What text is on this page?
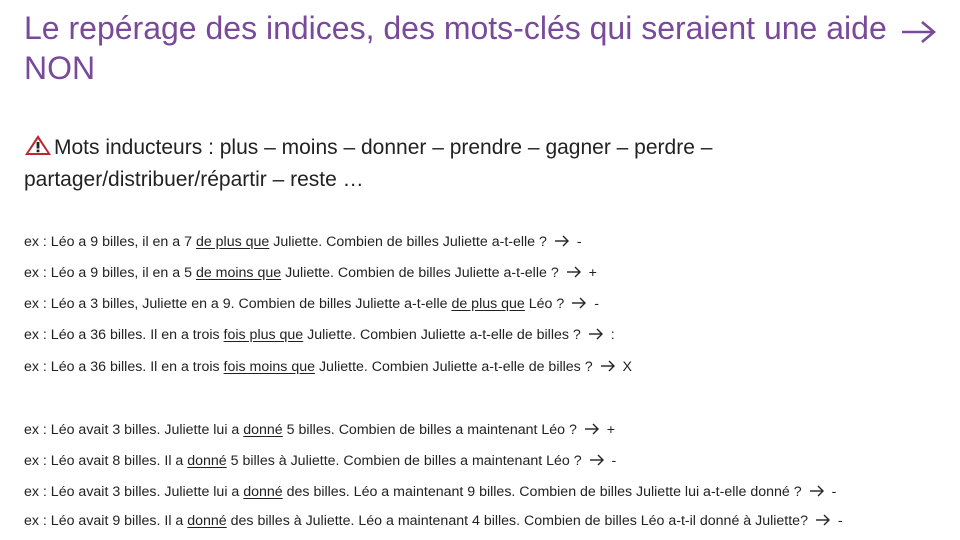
Le repérage des indices, des mots-clés qui seraient une aide  NON
Mots inducteurs : plus – moins – donner – prendre – gagner – perdre – partager/distribuer/répartir – reste …
ex : Léo a 9 billes, il en a 7 de plus que Juliette. Combien de billes Juliette a-t-elle ? -
ex : Léo a 9 billes, il en a 5 de moins que Juliette. Combien de billes Juliette a-t-elle ? +
ex : Léo a 3 billes, Juliette en a 9. Combien de billes Juliette a-t-elle de plus que Léo ? -
ex : Léo a 36 billes. Il en a trois fois plus que Juliette. Combien Juliette a-t-elle de billes ? :
ex : Léo a 36 billes. Il en a trois fois moins que Juliette. Combien Juliette a-t-elle de billes ? X
ex : Léo avait 3 billes. Juliette lui a donné 5 billes. Combien de billes a maintenant Léo ? +
ex : Léo avait 8 billes. Il a donné 5 billes à Juliette. Combien de billes a maintenant Léo ? -
ex : Léo avait 3 billes. Juliette lui a donné des billes. Léo a maintenant 9 billes. Combien de billes Juliette lui a-t-elle donné ? -
ex : Léo avait 9 billes. Il a donné des billes à Juliette. Léo a maintenant 4 billes. Combien de billes Léo a-t-il donné à Juliette? -
